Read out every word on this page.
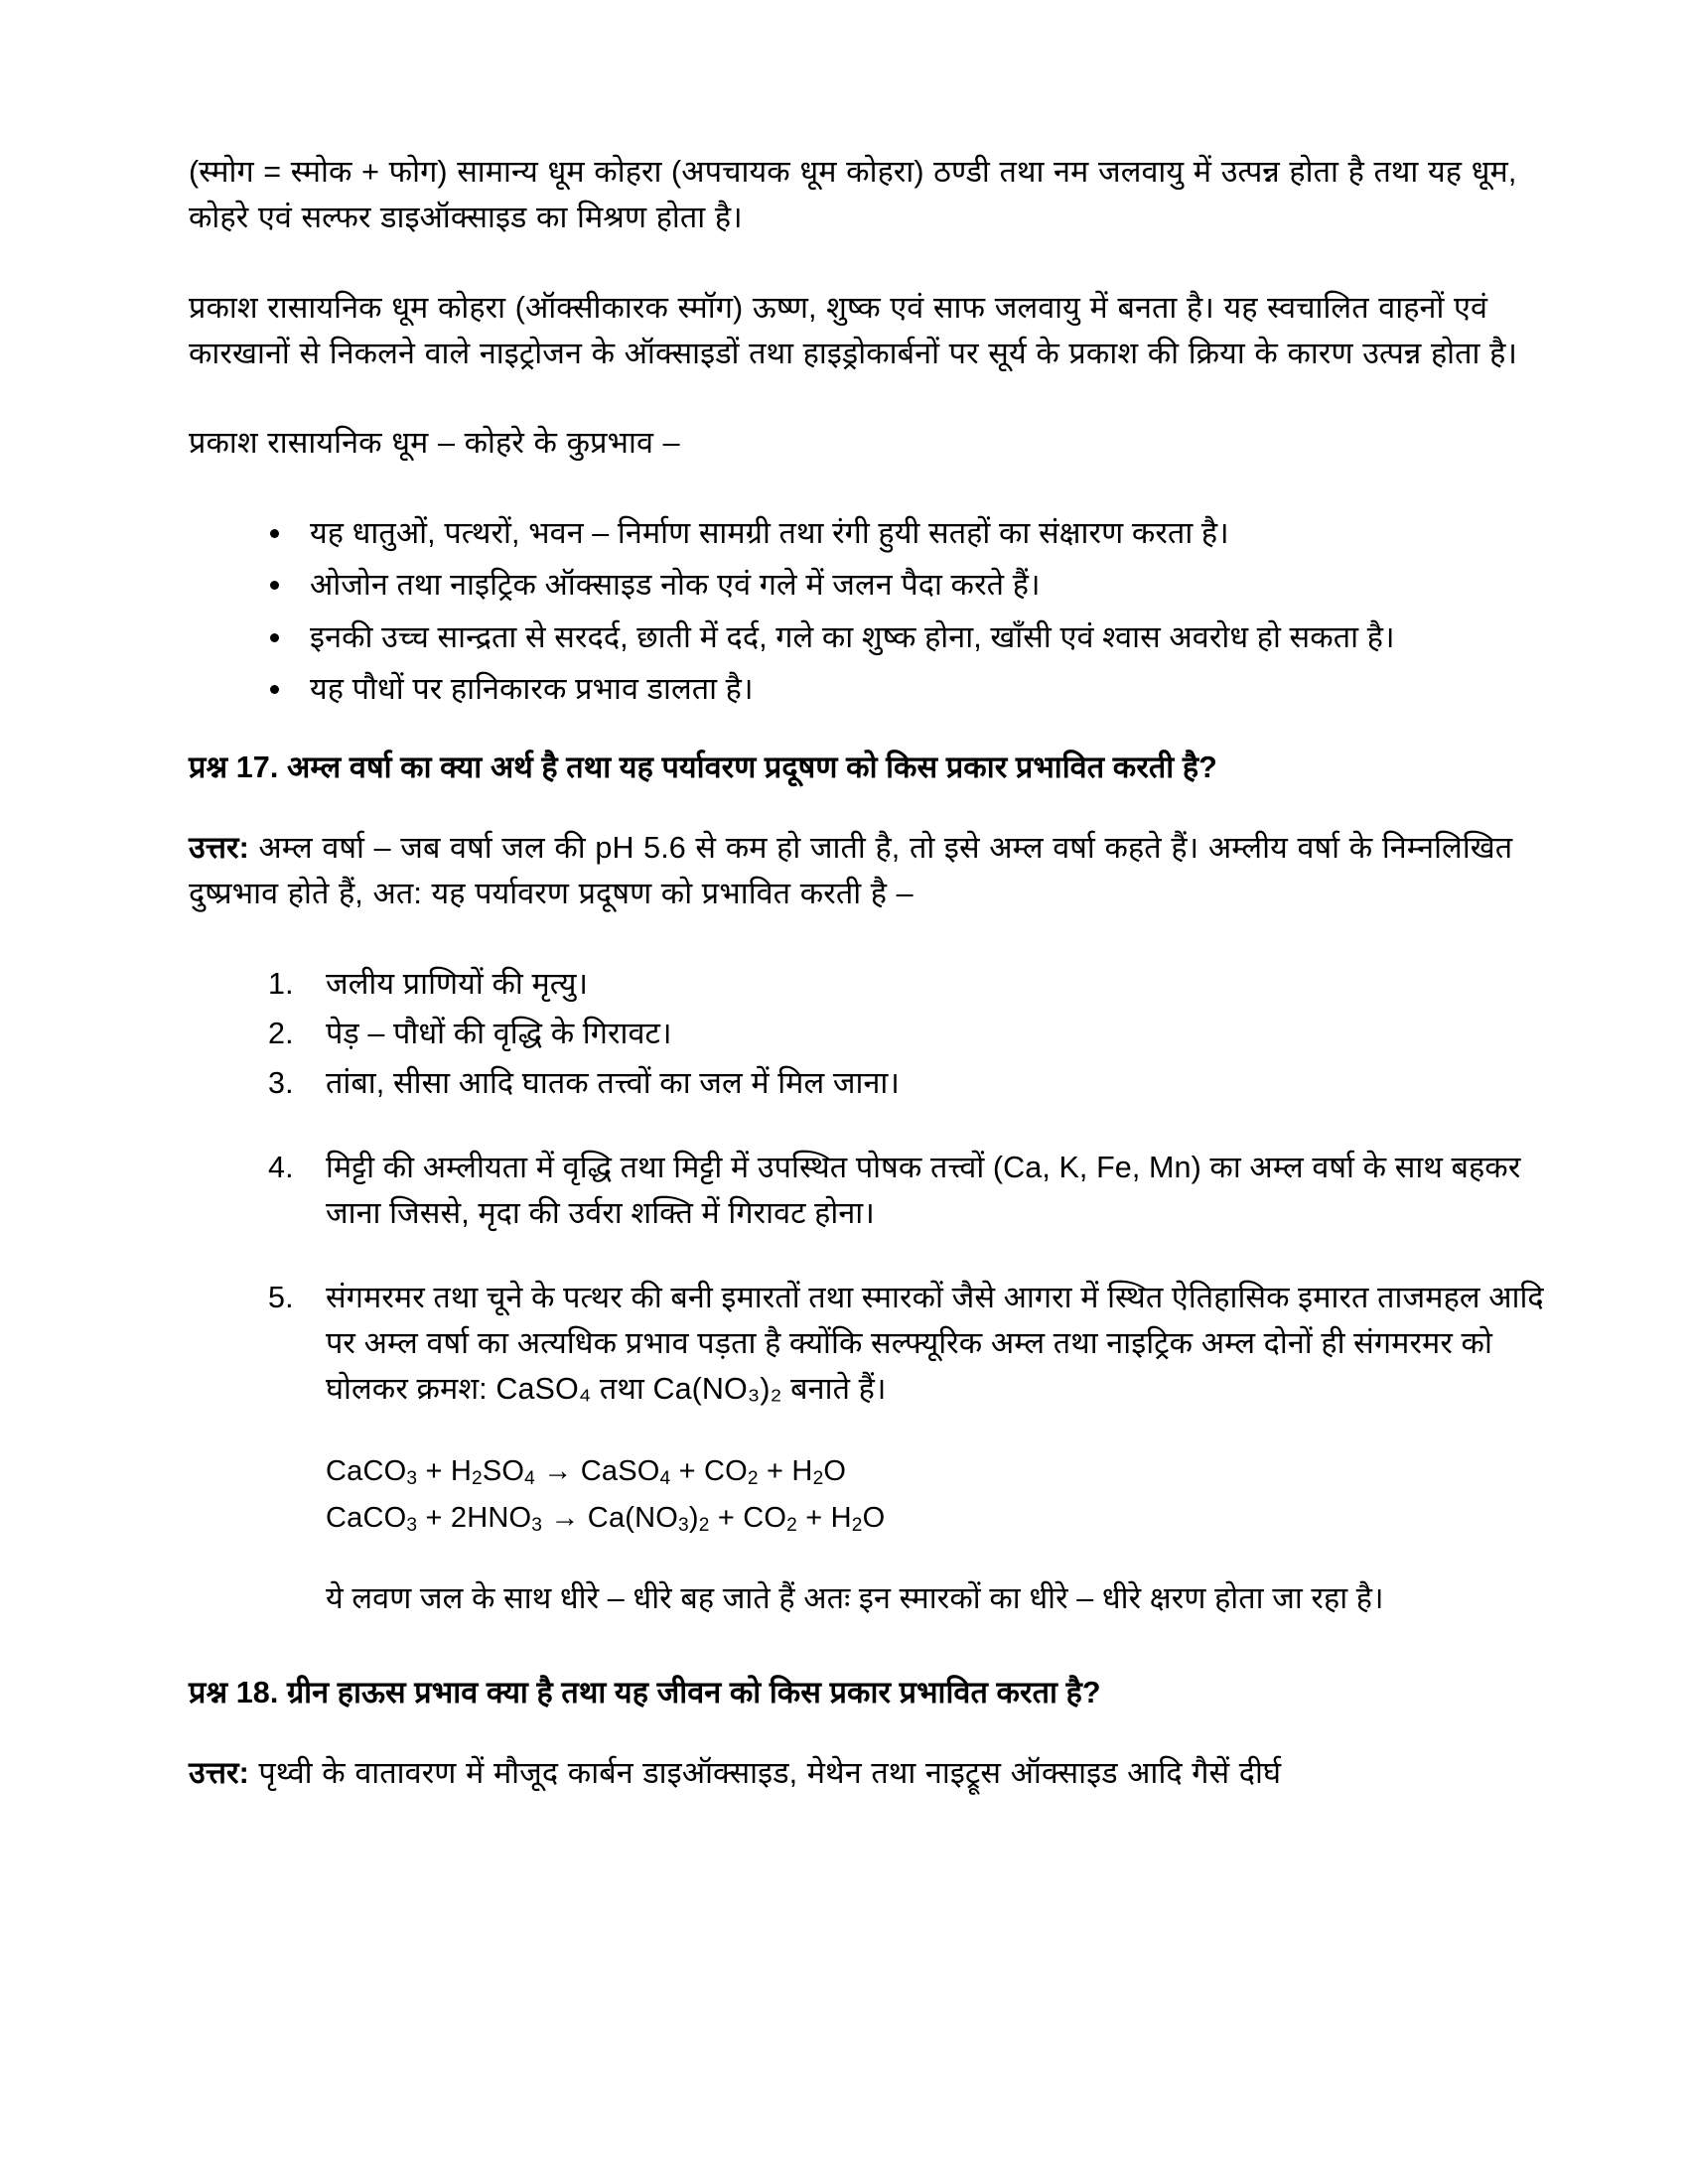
(स्मोग = स्मोक + फोग) सामान्य धूम कोहरा (अपचायक धूम कोहरा) ठण्डी तथा नम जलवायु में उत्पन्न होता है तथा यह धूम, कोहरे एवं सल्फर डाइऑक्साइड का मिश्रण होता है।

प्रकाश रासायनिक धूम कोहरा (ऑक्सीकारक स्मॉग) ऊष्ण, शुष्क एवं साफ जलवायु में बनता है। यह स्वचालित वाहनों एवं कारखानों से निकलने वाले नाइट्रोजन के ऑक्साइडों तथा हाइड्रोकार्बनों पर सूर्य के प्रकाश की क्रिया के कारण उत्पन्न होता है।

प्रकाश रासायनिक धूम – कोहरे के कुप्रभाव –

यह धातुओं, पत्थरों, भवन – निर्माण सामग्री तथा रंगी हुयी सतहों का संक्षारण करता है।
ओजोन तथा नाइट्रिक ऑक्साइड नोक एवं गले में जलन पैदा करते हैं।
इनकी उच्च सान्द्रता से सरदर्द, छाती में दर्द, गले का शुष्क होना, खाँसी एवं श्वास अवरोध हो सकता है।
यह पौधों पर हानिकारक प्रभाव डालता है।
प्रश्न 17. अम्ल वर्षा का क्या अर्थ है तथा यह पर्यावरण प्रदूषण को किस प्रकार प्रभावित करती है?

उत्तर: अम्ल वर्षा – जब वर्षा जल की pH 5.6 से कम हो जाती है, तो इसे अम्ल वर्षा कहते हैं। अम्लीय वर्षा के निम्नलिखित दुष्प्रभाव होते हैं, अत: यह पर्यावरण प्रदूषण को प्रभावित करती है –

जलीय प्राणियों की मृत्यु।
पेड़ – पौधों की वृद्धि के गिरावट।
तांबा, सीसा आदि घातक तत्त्वों का जल में मिल जाना।
मिट्टी की अम्लीयता में वृद्धि तथा मिट्टी में उपस्थित पोषक तत्त्वों (Ca, K, Fe, Mn) का अम्ल वर्षा के साथ बहकर जाना जिससे, मृदा की उर्वरा शक्ति में गिरावट होना।
संगमरमर तथा चूने के पत्थर की बनी इमारतों तथा स्मारकों जैसे आगरा में स्थित ऐतिहासिक इमारत ताजमहल आदि पर अम्ल वर्षा का अत्यधिक प्रभाव पड़ता है क्योंकि सल्फ्यूरिक अम्ल तथा नाइट्रिक अम्ल दोनों ही संगमरमर को घोलकर क्रमश: CaSO₄ तथा Ca(NO₃)₂ बनाते हैं।
CaCO$_3$ + $H_2SO_4$ → CaSO$_4$ + $CO_2 + H_2O$
CaCO$_3$ + $2HNO_3 \to Ca(NO_3)_2 + CO_2 + H_2O$
ये लवण जल के साथ धीरे – धीरे बह जाते हैं अतः इन स्मारकों का धीरे – धीरे क्षरण होता जा रहा है।
प्रश्न 18. ग्रीन हाऊस प्रभाव क्या है तथा यह जीवन को किस प्रकार प्रभावित करता है?

उत्तर: पृथ्वी के वातावरण में मौजूद कार्बन डाइऑक्साइड, मेथेन तथा नाइट्रूस ऑक्साइड आदि गैसें दीर्घ
